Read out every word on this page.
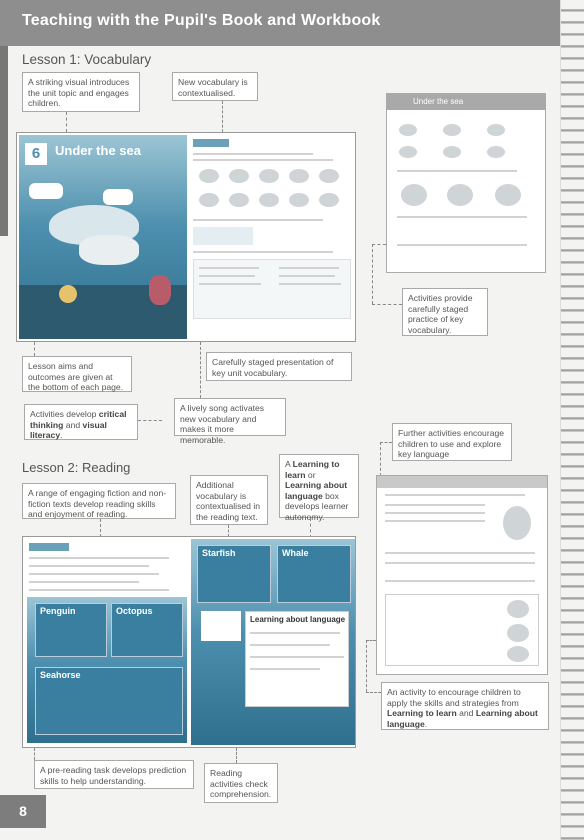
Teaching with the Pupil's Book and Workbook
Lesson 1: Vocabulary
A striking visual introduces the unit topic and engages children.
New vocabulary is contextualised.
6	Under the sea
Under the sea
Activities provide carefully staged practice of key vocabulary.
Lesson aims and outcomes are given at the bottom of each page.
Carefully staged presentation of key unit vocabulary.
Activities develop critical thinking and visual literacy.
A lively song activates new vocabulary and makes it more memorable.
Further activities encourage children to use and explore key language
Lesson 2: Reading
A range of engaging fiction and non-fiction texts develop reading skills and enjoyment of reading.
Additional vocabulary is contextualised in the reading text.
A Learning to learn or Learning about language box develops learner autonomy.
Penguin	Octopus
Seahorse
Starfish	Whale
Learning about language
An activity to encourage children to apply the skills and strategies from Learning to learn and Learning about language.
A pre-reading task develops prediction skills to help understanding.
Reading activities check comprehension.
8
